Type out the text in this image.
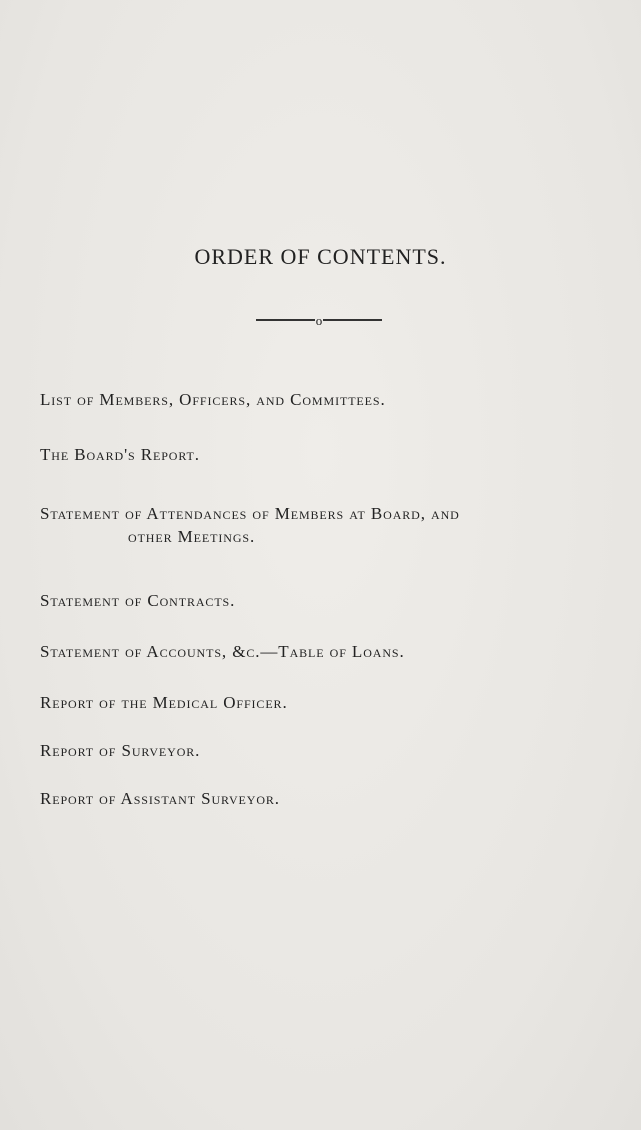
ORDER OF CONTENTS.
o
List of Members, Officers, and Committees.
The Board's Report.
Statement of Attendances of Members at Board, and
other Meetings.
Statement of Contracts.
Statement of Accounts, &c.—Table of Loans.
Report of the Medical Officer.
Report of Surveyor.
Report of Assistant Surveyor.
